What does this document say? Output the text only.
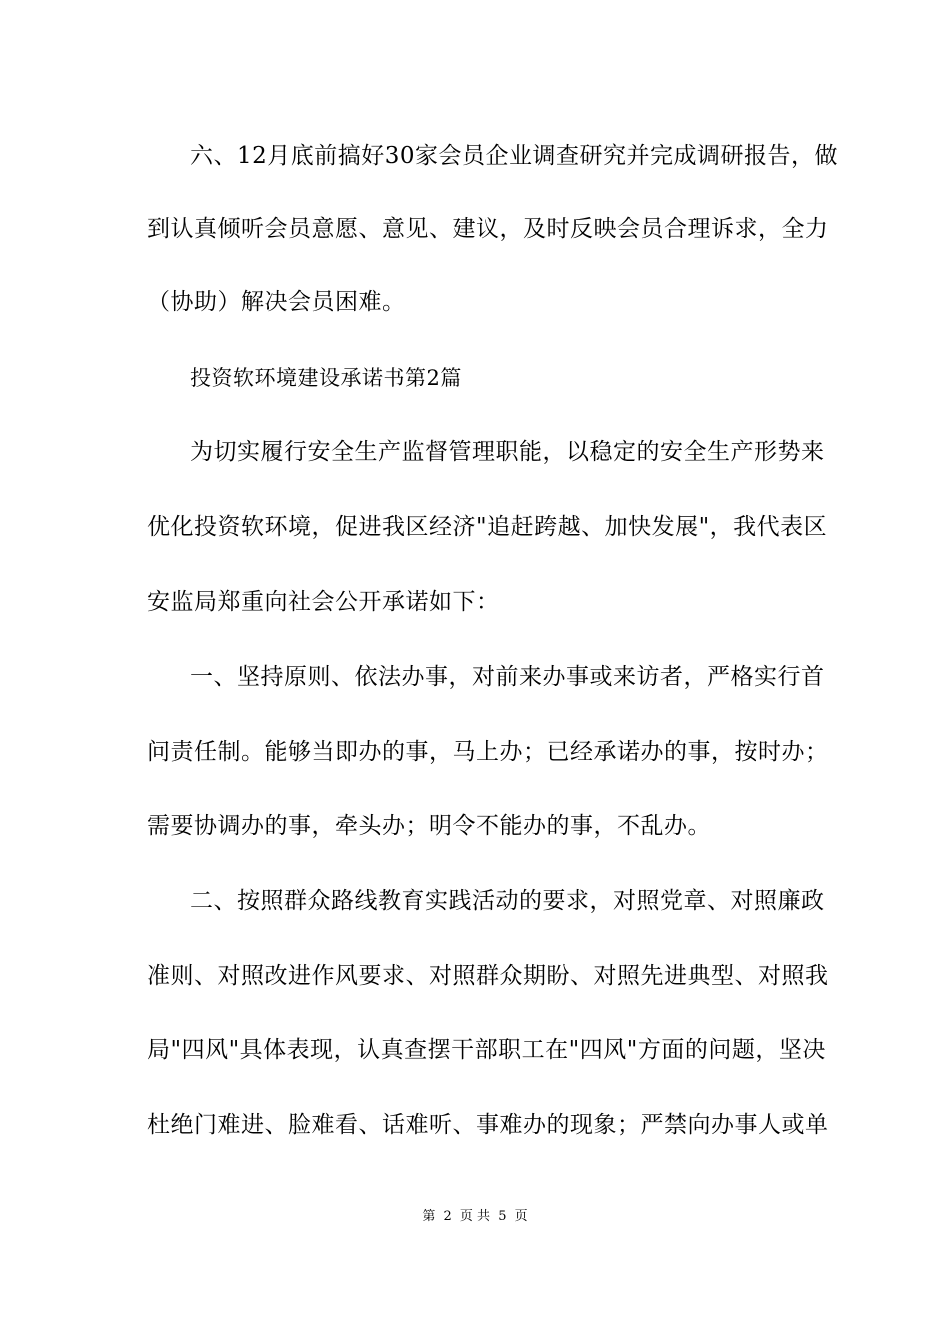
六、12月底前搞好30家会员企业调查研究并完成调研报告，做
到认真倾听会员意愿、意见、建议，及时反映会员合理诉求，全力
（协助）解决会员困难。
投资软环境建设承诺书第2篇
为切实履行安全生产监督管理职能，以稳定的安全生产形势来
优化投资软环境，促进我区经济"追赶跨越、加快发展"，我代表区
安监局郑重向社会公开承诺如下：
一、坚持原则、依法办事，对前来办事或来访者，严格实行首
问责任制。能够当即办的事，马上办；已经承诺办的事，按时办；
需要协调办的事，牵头办；明令不能办的事，不乱办。
二、按照群众路线教育实践活动的要求，对照党章、对照廉政
准则、对照改进作风要求、对照群众期盼、对照先进典型、对照我
局"四风"具体表现，认真查摆干部职工在"四风"方面的问题，坚决
杜绝门难进、脸难看、话难听、事难办的现象；严禁向办事人或单
第 2 页 共 5 页
